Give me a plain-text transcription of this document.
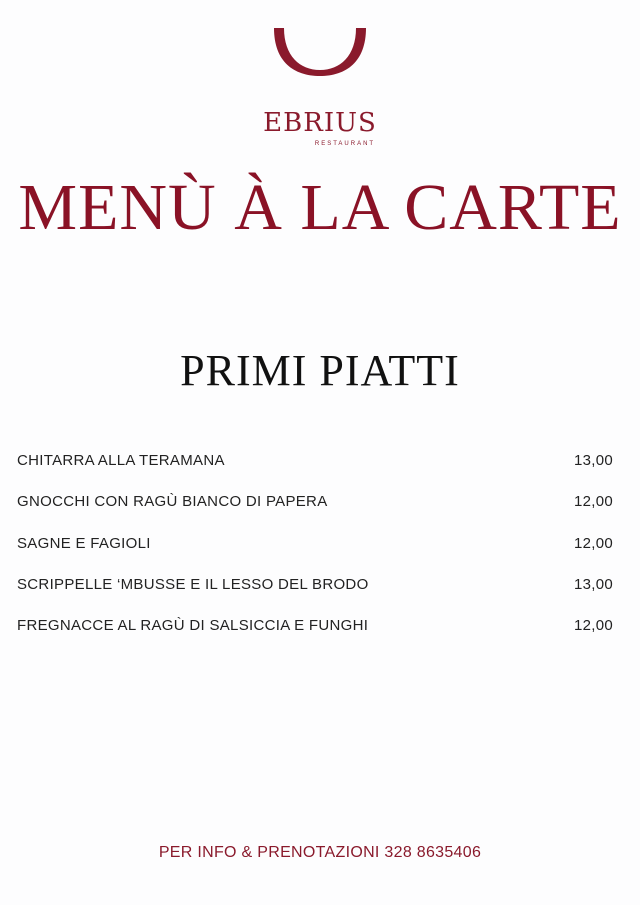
EBRIUS
RESTAURANT
MENÙ À LA CARTE
PRIMI PIATTI
CHITARRA ALLA TERAMANA	13,00
GNOCCHI CON RAGÙ BIANCO DI PAPERA	12,00
SAGNE E FAGIOLI	12,00
SCRIPPELLE ‘MBUSSE E IL LESSO DEL BRODO	13,00
FREGNACCE AL RAGÙ DI SALSICCIA E FUNGHI	12,00
PER INFO & PRENOTAZIONI 328 8635406
